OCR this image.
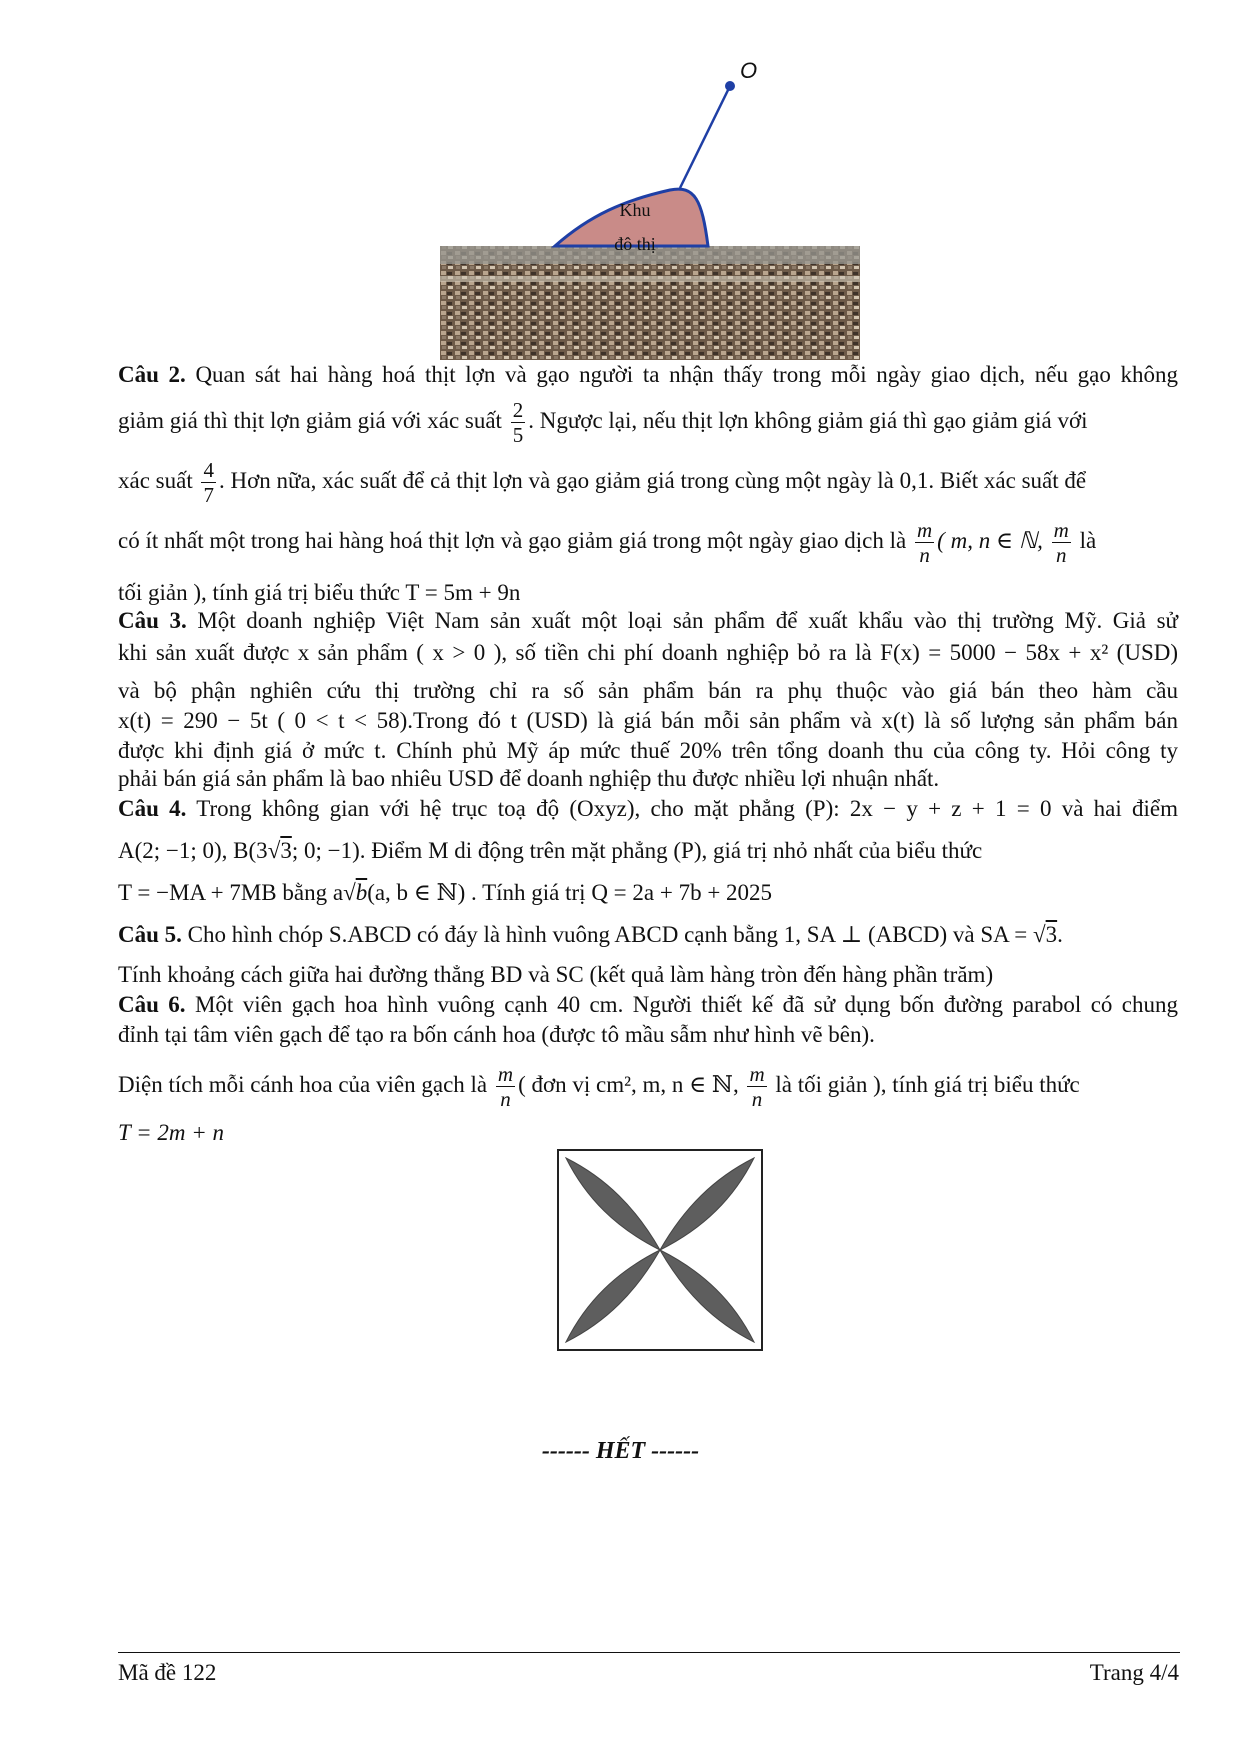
O
Khu
đô thị
Câu 2. Quan sát hai hàng hoá thịt lợn và gạo người ta nhận thấy trong mỗi ngày giao dịch, nếu gạo không
giảm giá thì thịt lợn giảm giá với xác suất $\frac{2}{5}$ . Ngược lại, nếu thịt lợn không giảm giá thì gạo giảm giá với
xác suất $\frac{4}{7}$ . Hơn nữa, xác suất để cả thịt lợn và gạo giảm giá trong cùng một ngày là 0,1. Biết xác suất để
có ít nhất một trong hai hàng hoá thịt lợn và gạo giảm giá trong một ngày giao dịch là $\frac{m}{n}$ ( m, n ∈ ℕ, $\frac{m}{n}$ là
tối giản ), tính giá trị biểu thức T = 5m + 9n
Câu 3. Một doanh nghiệp Việt Nam sản xuất một loại sản phẩm để xuất khẩu vào thị trường Mỹ. Giả sử
khi sản xuất được x sản phẩm ( x > 0 ), số tiền chi phí doanh nghiệp bỏ ra là F(x) = 5000 − 58x + x² (USD)
và bộ phận nghiên cứu thị trường chỉ ra số sản phẩm bán ra phụ thuộc vào giá bán theo hàm cầu
x(t) = 290 − 5t ( 0 < t < 58).Trong đó t (USD) là giá bán mỗi sản phẩm và x(t) là số lượng sản phẩm bán
được khi định giá ở mức t. Chính phủ Mỹ áp mức thuế 20% trên tổng doanh thu của công ty. Hỏi công ty
phải bán giá sản phẩm là bao nhiêu USD để doanh nghiệp thu được nhiều lợi nhuận nhất.
Câu 4. Trong không gian với hệ trục toạ độ (Oxyz), cho mặt phẳng (P): 2x − y + z + 1 = 0 và hai điểm
A(2; −1; 0), B(3√3; 0; −1). Điểm M di động trên mặt phẳng (P), giá trị nhỏ nhất của biểu thức
T = −MA + 7MB bằng a√b(a, b ∈ ℕ) . Tính giá trị Q = 2a + 7b + 2025
Câu 5. Cho hình chóp S.ABCD có đáy là hình vuông ABCD cạnh bằng 1, SA ⊥ (ABCD) và SA = √3.
Tính khoảng cách giữa hai đường thẳng BD và SC (kết quả làm hàng tròn đến hàng phần trăm)
Câu 6. Một viên gạch hoa hình vuông cạnh 40 cm. Người thiết kế đã sử dụng bốn đường parabol có chung
đỉnh tại tâm viên gạch để tạo ra bốn cánh hoa (được tô mầu sẫm như hình vẽ bên).
Diện tích mỗi cánh hoa của viên gạch là $\frac{m}{n}$ ( đơn vị cm², m, n ∈ ℕ, $\frac{m}{n}$ là tối giản ), tính giá trị biểu thức
T = 2m + n
------ HẾT ------
Mã đề 122	Trang 4/4
